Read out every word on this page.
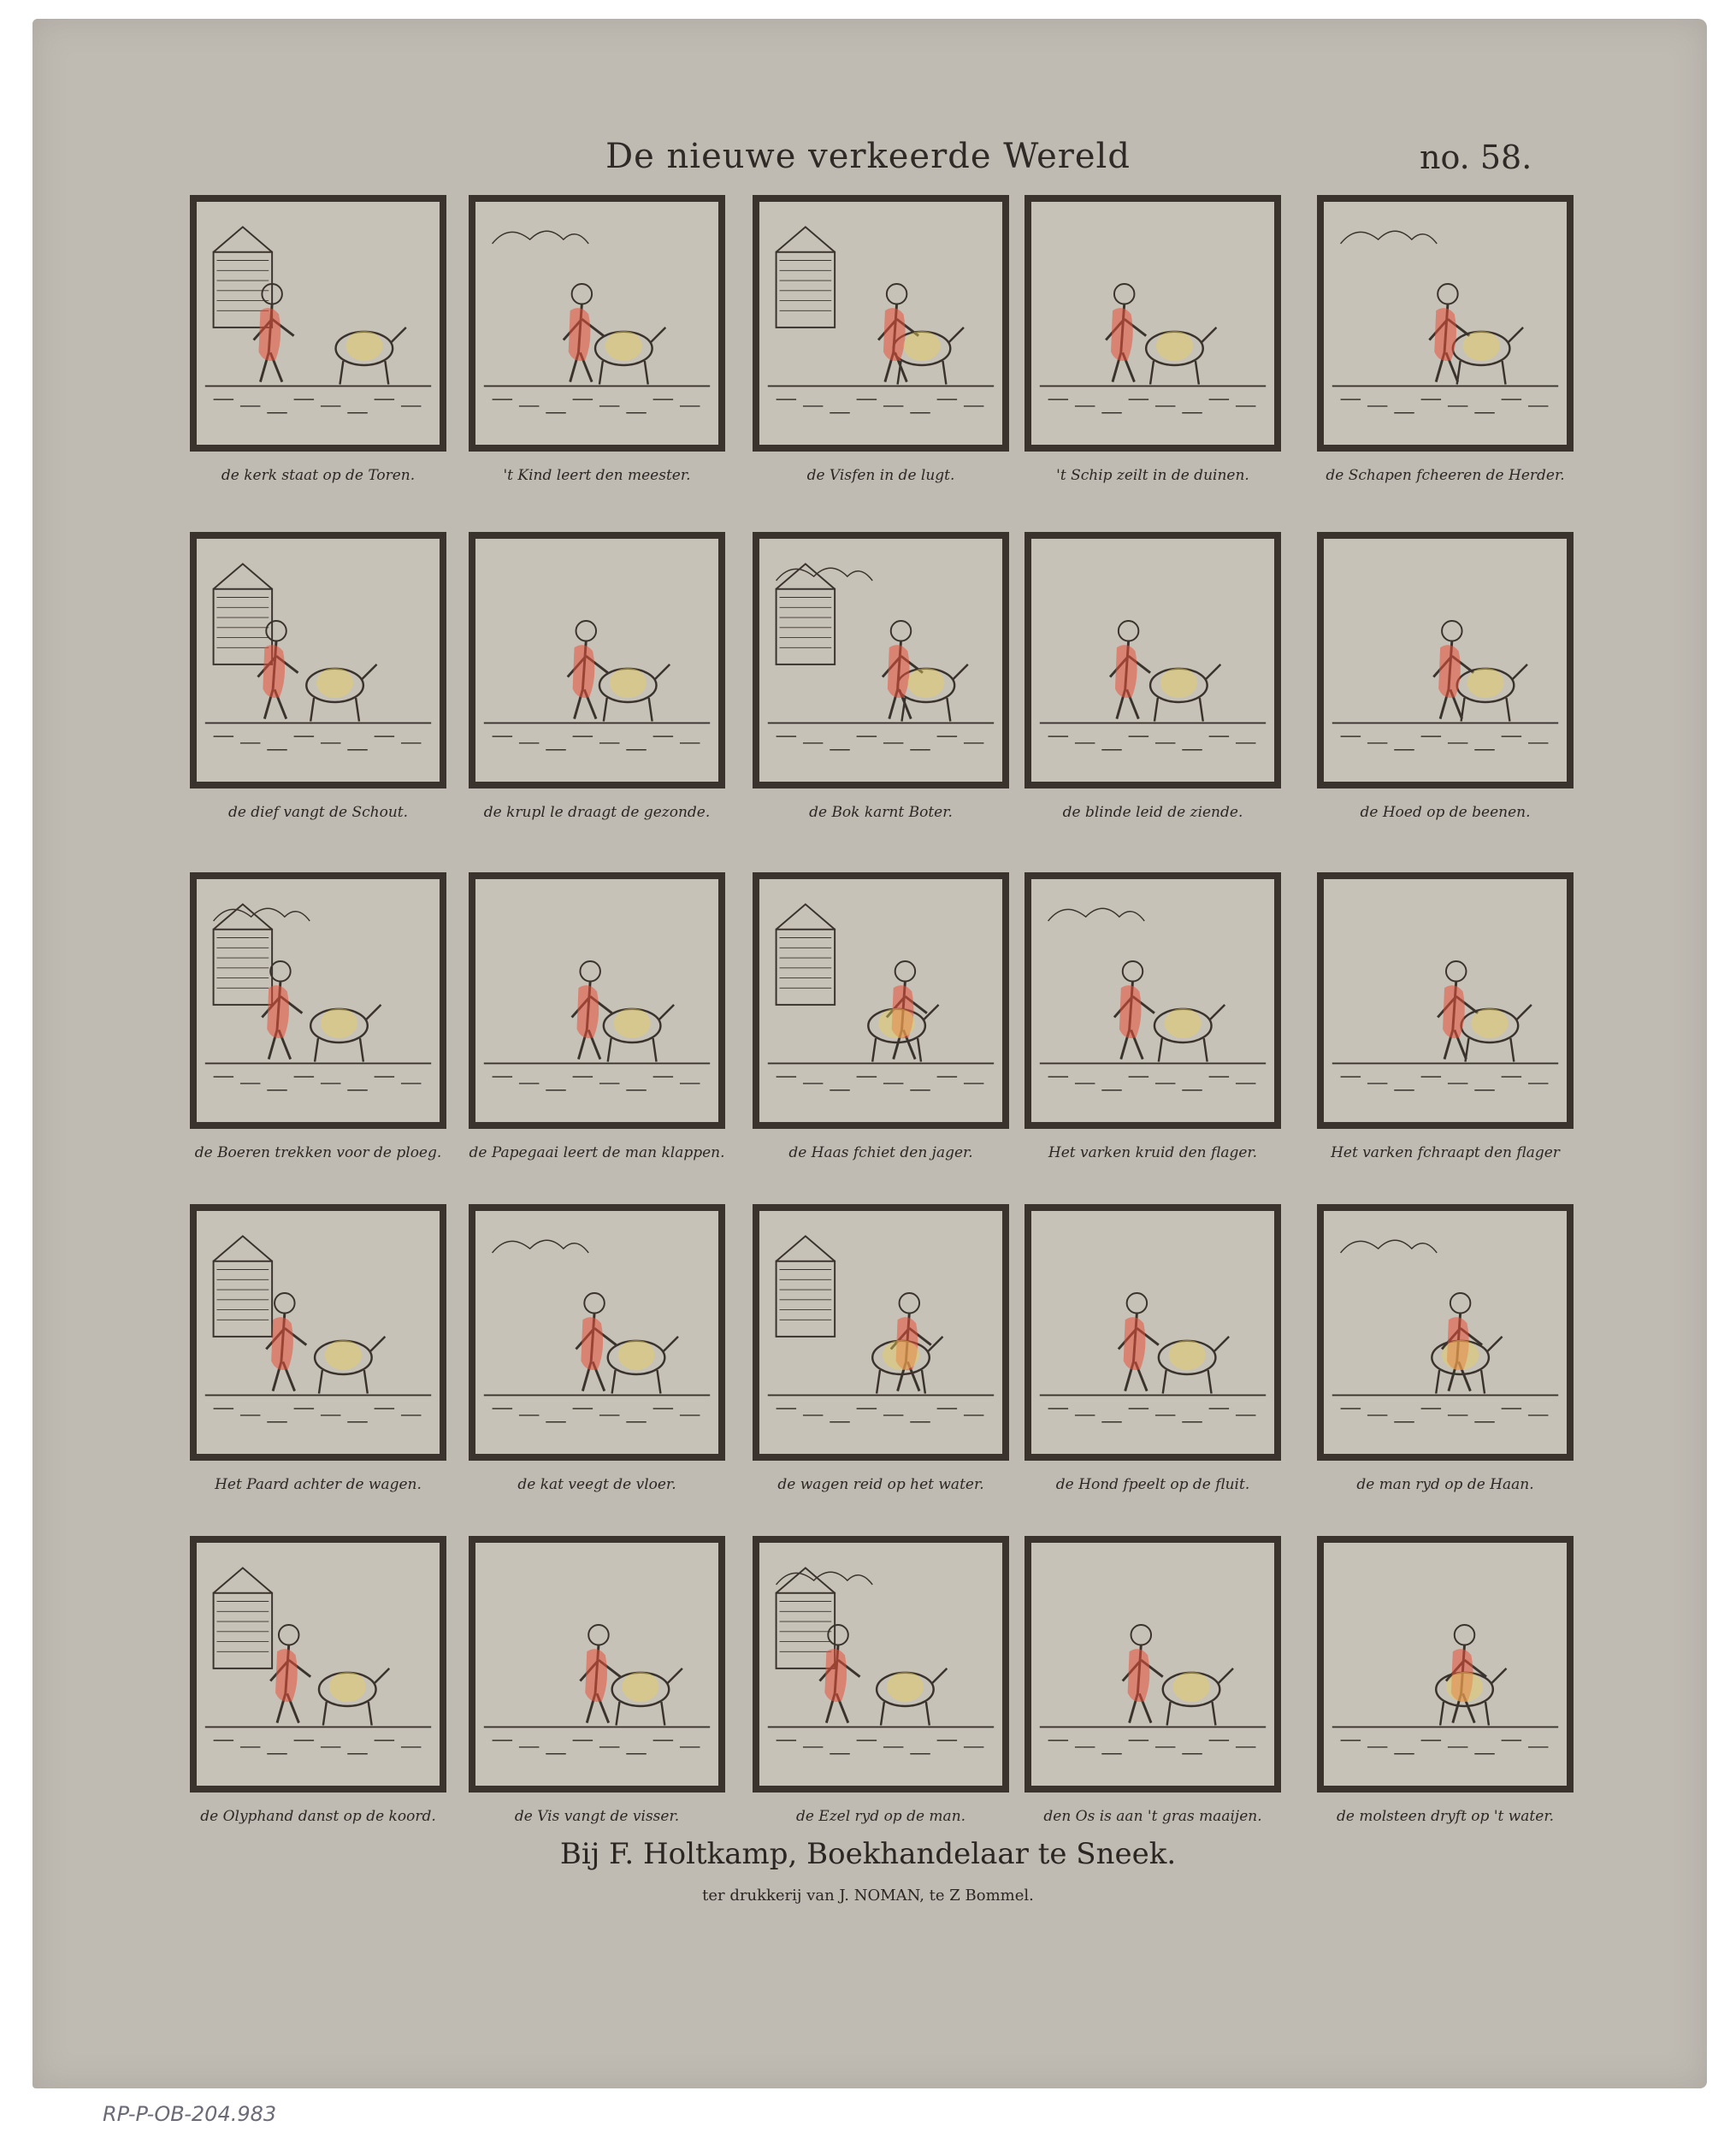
De nieuwe verkeerde Wereld	no. 58.
de kerk staat op de Toren.	't Kind leert den meester.	de Visfen in de lugt.	't Schip zeilt in de duinen.	de Schapen fcheeren de Herder.
de dief vangt de Schout.	de krupl le draagt de gezonde.	de Bok karnt Boter.	de blinde leid de ziende.	de Hoed op de beenen.
de Boeren trekken voor de ploeg.	de Papegaai leert de man klappen.	de Haas fchiet den jager.	Het varken kruid den flager.	Het varken fchraapt den flager
Het Paard achter de wagen.	de kat veegt de vloer.	de wagen reid op het water.	de Hond fpeelt op de fluit.	de man ryd op de Haan.
de Olyphand danst op de koord.	de Vis vangt de visser.	de Ezel ryd op de man.	den Os is aan 't gras maaijen.	de molsteen dryft op 't water.
Bij F. Holtkamp, Boekhandelaar te Sneek.
ter drukkerij van J. NOMAN, te Z Bommel.
RP-P-OB-204.983
